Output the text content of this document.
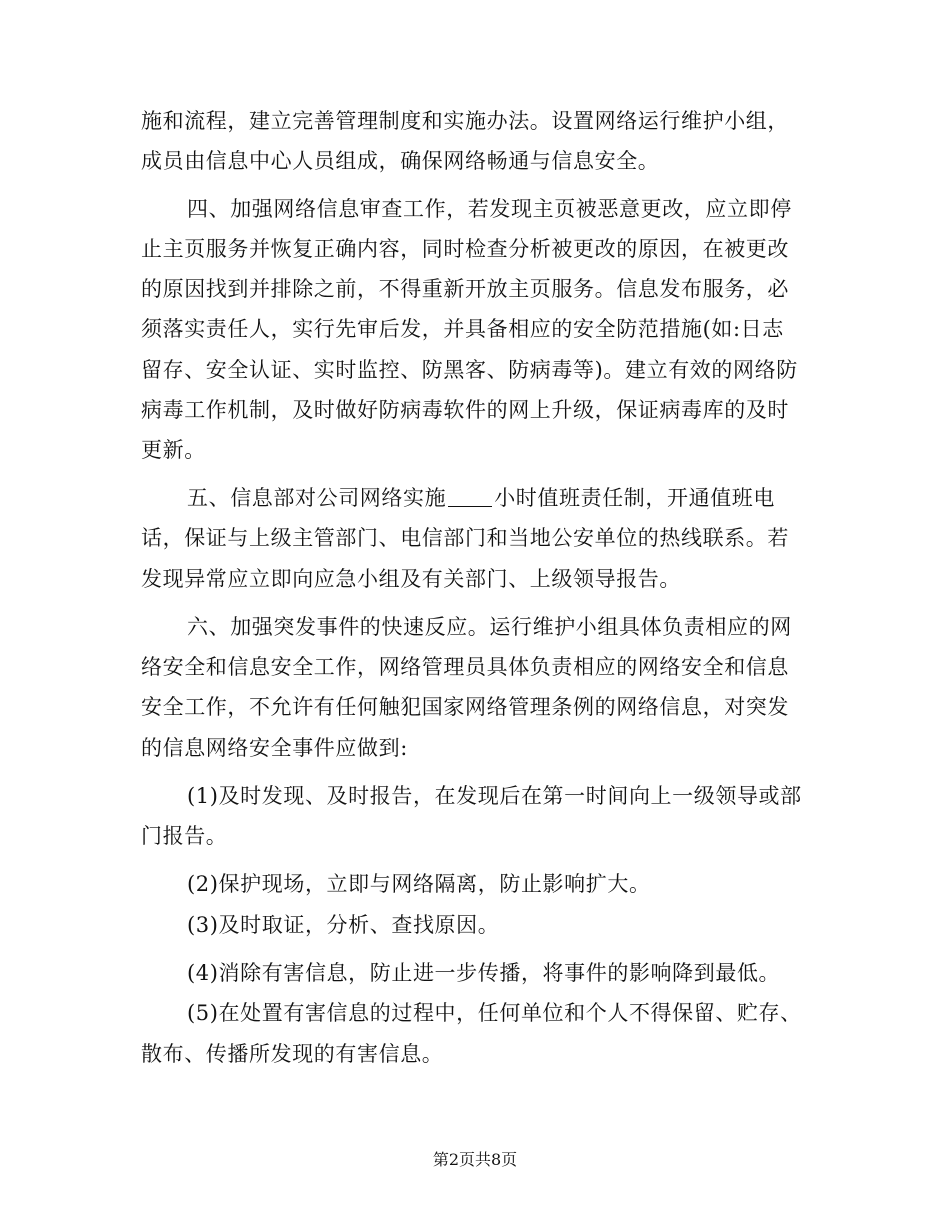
施和流程，建立完善管理制度和实施办法。设置网络运行维护小组，
成员由信息中心人员组成，确保网络畅通与信息安全。
四、加强网络信息审查工作，若发现主页被恶意更改，应立即停
止主页服务并恢复正确内容，同时检查分析被更改的原因，在被更改
的原因找到并排除之前，不得重新开放主页服务。信息发布服务，必
须落实责任人，实行先审后发，并具备相应的安全防范措施(如:日志
留存、安全认证、实时监控、防黑客、防病毒等)。建立有效的网络防
病毒工作机制，及时做好防病毒软件的网上升级，保证病毒库的及时
更新。
五、信息部对公司网络实施 小时值班责任制，开通值班电
话，保证与上级主管部门、电信部门和当地公安单位的热线联系。若
发现异常应立即向应急小组及有关部门、上级领导报告。
六、加强突发事件的快速反应。运行维护小组具体负责相应的网
络安全和信息安全工作，网络管理员具体负责相应的网络安全和信息
安全工作，不允许有任何触犯国家网络管理条例的网络信息，对突发
的信息网络安全事件应做到:
(1)及时发现、及时报告，在发现后在第一时间向上一级领导或部
门报告。
(2)保护现场，立即与网络隔离，防止影响扩大。
(3)及时取证，分析、查找原因。
(4)消除有害信息，防止进一步传播，将事件的影响降到最低。
(5)在处置有害信息的过程中，任何单位和个人不得保留、贮存、
散布、传播所发现的有害信息。
第2页共8页
